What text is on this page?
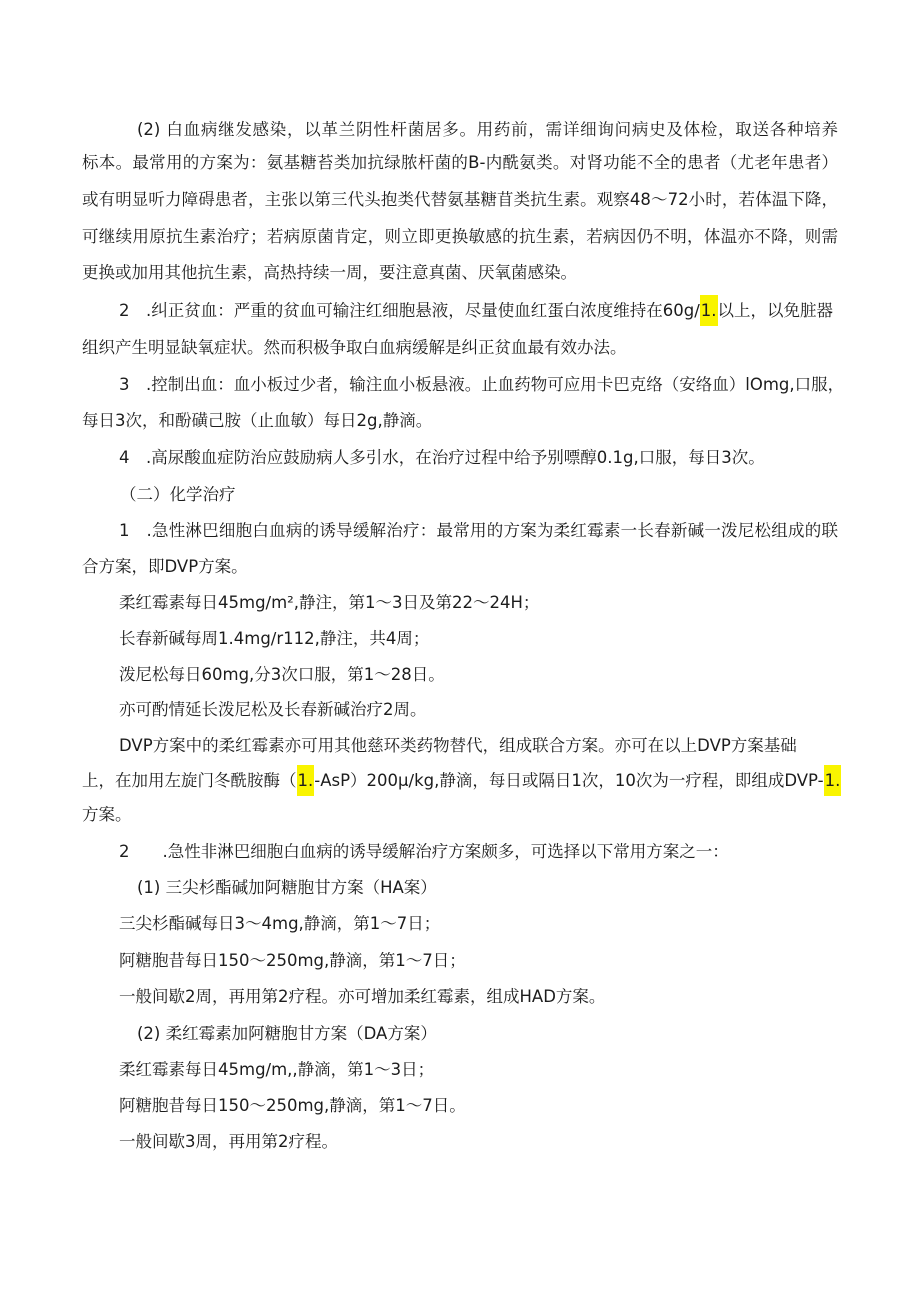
(2) 白血病继发感染，以革兰阴性杆菌居多。用药前，需详细询问病史及体检，取送各种培养
标本。最常用的方案为：氨基糖苔类加抗绿脓杆菌的B-内酰氨类。对肾功能不全的患者（尤老年患者）
或有明显听力障碍患者，主张以第三代头抱类代替氨基糖苜类抗生素。观察48〜72小时，若体温下降，
可继续用原抗生素治疗；若病原菌肯定，则立即更换敏感的抗生素，若病因仍不明，体温亦不降，则需
更换或加用其他抗生素，高热持续一周，要注意真菌、厌氧菌感染。
2　.纠正贫血：严重的贫血可输注红细胞悬液，尽量使血红蛋白浓度维持在60g∕1.以上，以免脏器
组织产生明显缺氧症状。然而积极争取白血病缓解是纠正贫血最有效办法。
3　.控制出血：血小板过少者，输注血小板悬液。止血药物可应用卡巴克络（安络血）lOmg,口服，
每日3次，和酚磺己胺（止血敏）每日2g,静滴。
4　.高尿酸血症防治应鼓励病人多引水，在治疗过程中给予别嘌醇0.1g,口服，每日3次。
（二）化学治疗
1　.急性淋巴细胞白血病的诱导缓解治疗：最常用的方案为柔红霉素一长春新碱一泼尼松组成的联
合方案，即DVP方案。
柔红霉素每日45mg∕m²,静注，第1〜3日及第22〜24H；
长春新碱每周1.4mg∕r112,静注，共4周；
泼尼松每日60mg,分3次口服，第1〜28日。
亦可酌情延长泼尼松及长春新碱治疗2周。
DVP方案中的柔红霉素亦可用其他慈环类药物替代，组成联合方案。亦可在以上DVP方案基础
上，在加用左旋门冬酰胺酶（1.-AsP）200μ∕kg,静滴，每日或隔日1次，10次为一疗程，即组成DVP-1.
方案。
2　　.急性非淋巴细胞白血病的诱导缓解治疗方案颇多，可选择以下常用方案之一：
(1) 三尖杉酯碱加阿糖胞甘方案（HA案）
三尖杉酯碱每日3〜4mg,静滴，第1〜7日；
阿糖胞昔每日150〜250mg,静滴，第1〜7日；
一般间歇2周，再用第2疗程。亦可增加柔红霉素，组成HAD方案。
(2) 柔红霉素加阿糖胞甘方案（DA方案）
柔红霉素每日45mg∕m,,静滴，第1〜3日；
阿糖胞昔每日150〜250mg,静滴，第1〜7日。
一般间歇3周，再用第2疗程。
